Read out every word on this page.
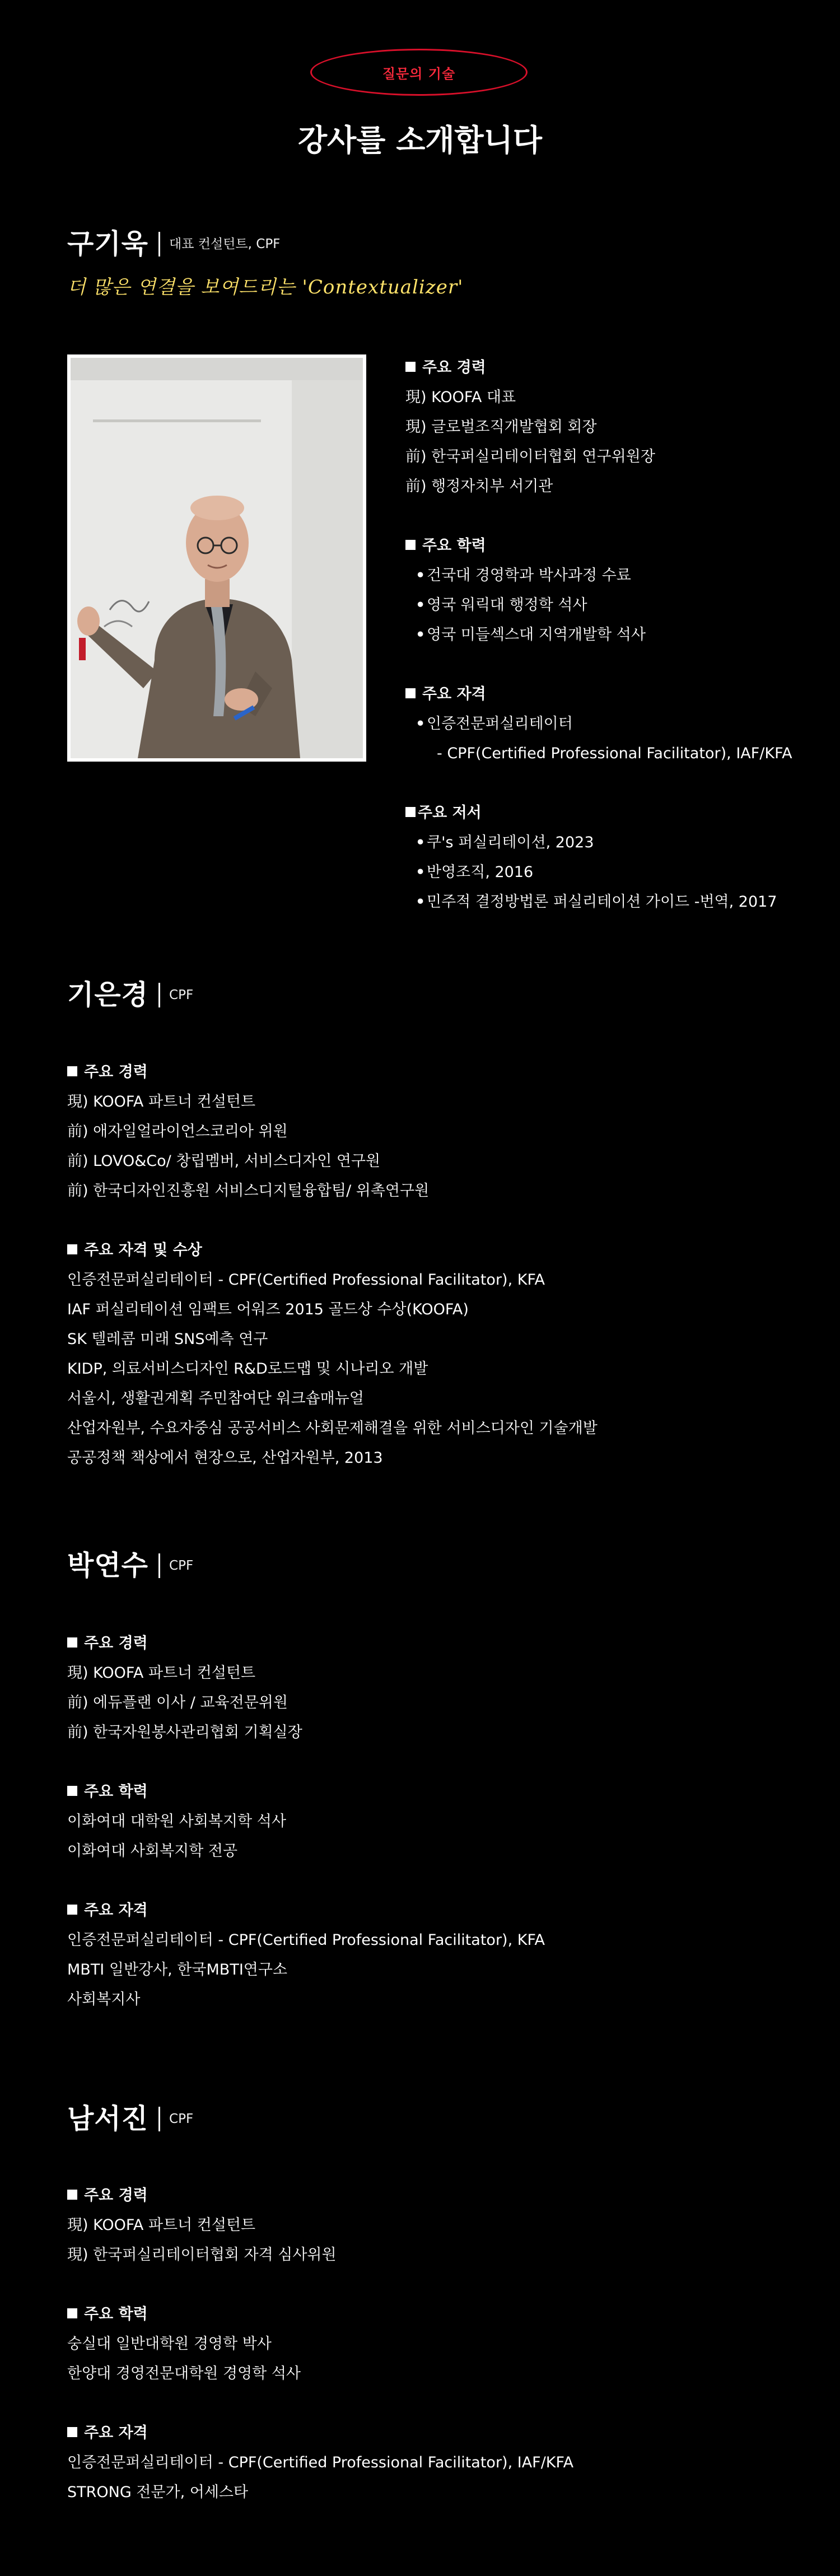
질문의 기술
강사를 소개합니다
구기욱 대표 컨설턴트, CPF
더 많은 연결을 보여드리는 'Contextualizer'
주요 경력
現) KOOFA 대표
現) 글로벌조직개발협회 회장
前) 한국퍼실리테이터협회 연구위원장
前) 행정자치부 서기관
주요 학력
• 건국대 경영학과 박사과정 수료
• 영국 워릭대 행정학 석사
• 영국 미들섹스대 지역개발학 석사
주요 자격
• 인증전문퍼실리테이터
- CPF(Certified Professional Facilitator), IAF/KFA
주요 저서
• 쿠's 퍼실리테이션, 2023
• 반영조직, 2016
• 민주적 결정방법론 퍼실리테이션 가이드 -번역, 2017
기은경 CPF
주요 경력
現) KOOFA 파트너 컨설턴트
前) 애자일얼라이언스코리아 위원
前) LOVO&Co/ 창립멤버, 서비스디자인 연구원
前) 한국디자인진흥원 서비스디지털융합팀/ 위촉연구원
주요 자격 및 수상
인증전문퍼실리테이터 - CPF(Certified Professional Facilitator), KFA
IAF 퍼실리테이션 임팩트 어워즈 2015 골드상 수상(KOOFA)
SK 텔레콤 미래 SNS예측 연구
KIDP, 의료서비스디자인 R&D로드맵 및 시나리오 개발
서울시, 생활권계획 주민참여단 워크숍매뉴얼
산업자원부, 수요자중심 공공서비스 사회문제해결을 위한 서비스디자인 기술개발
공공정책 책상에서 현장으로, 산업자원부, 2013
박연수 CPF
주요 경력
現) KOOFA 파트너 컨설턴트
前) 에듀플랜 이사 / 교육전문위원
前) 한국자원봉사관리협회 기획실장
주요 학력
이화여대 대학원 사회복지학 석사
이화여대 사회복지학 전공
주요 자격
인증전문퍼실리테이터 - CPF(Certified Professional Facilitator), KFA
MBTI 일반강사, 한국MBTI연구소
사회복지사
남서진 CPF
주요 경력
現) KOOFA 파트너 컨설턴트
現) 한국퍼실리테이터협회 자격 심사위원
주요 학력
숭실대 일반대학원 경영학 박사
한양대 경영전문대학원 경영학 석사
주요 자격
인증전문퍼실리테이터 - CPF(Certified Professional Facilitator), IAF/KFA
STRONG 전문가, 어세스타
